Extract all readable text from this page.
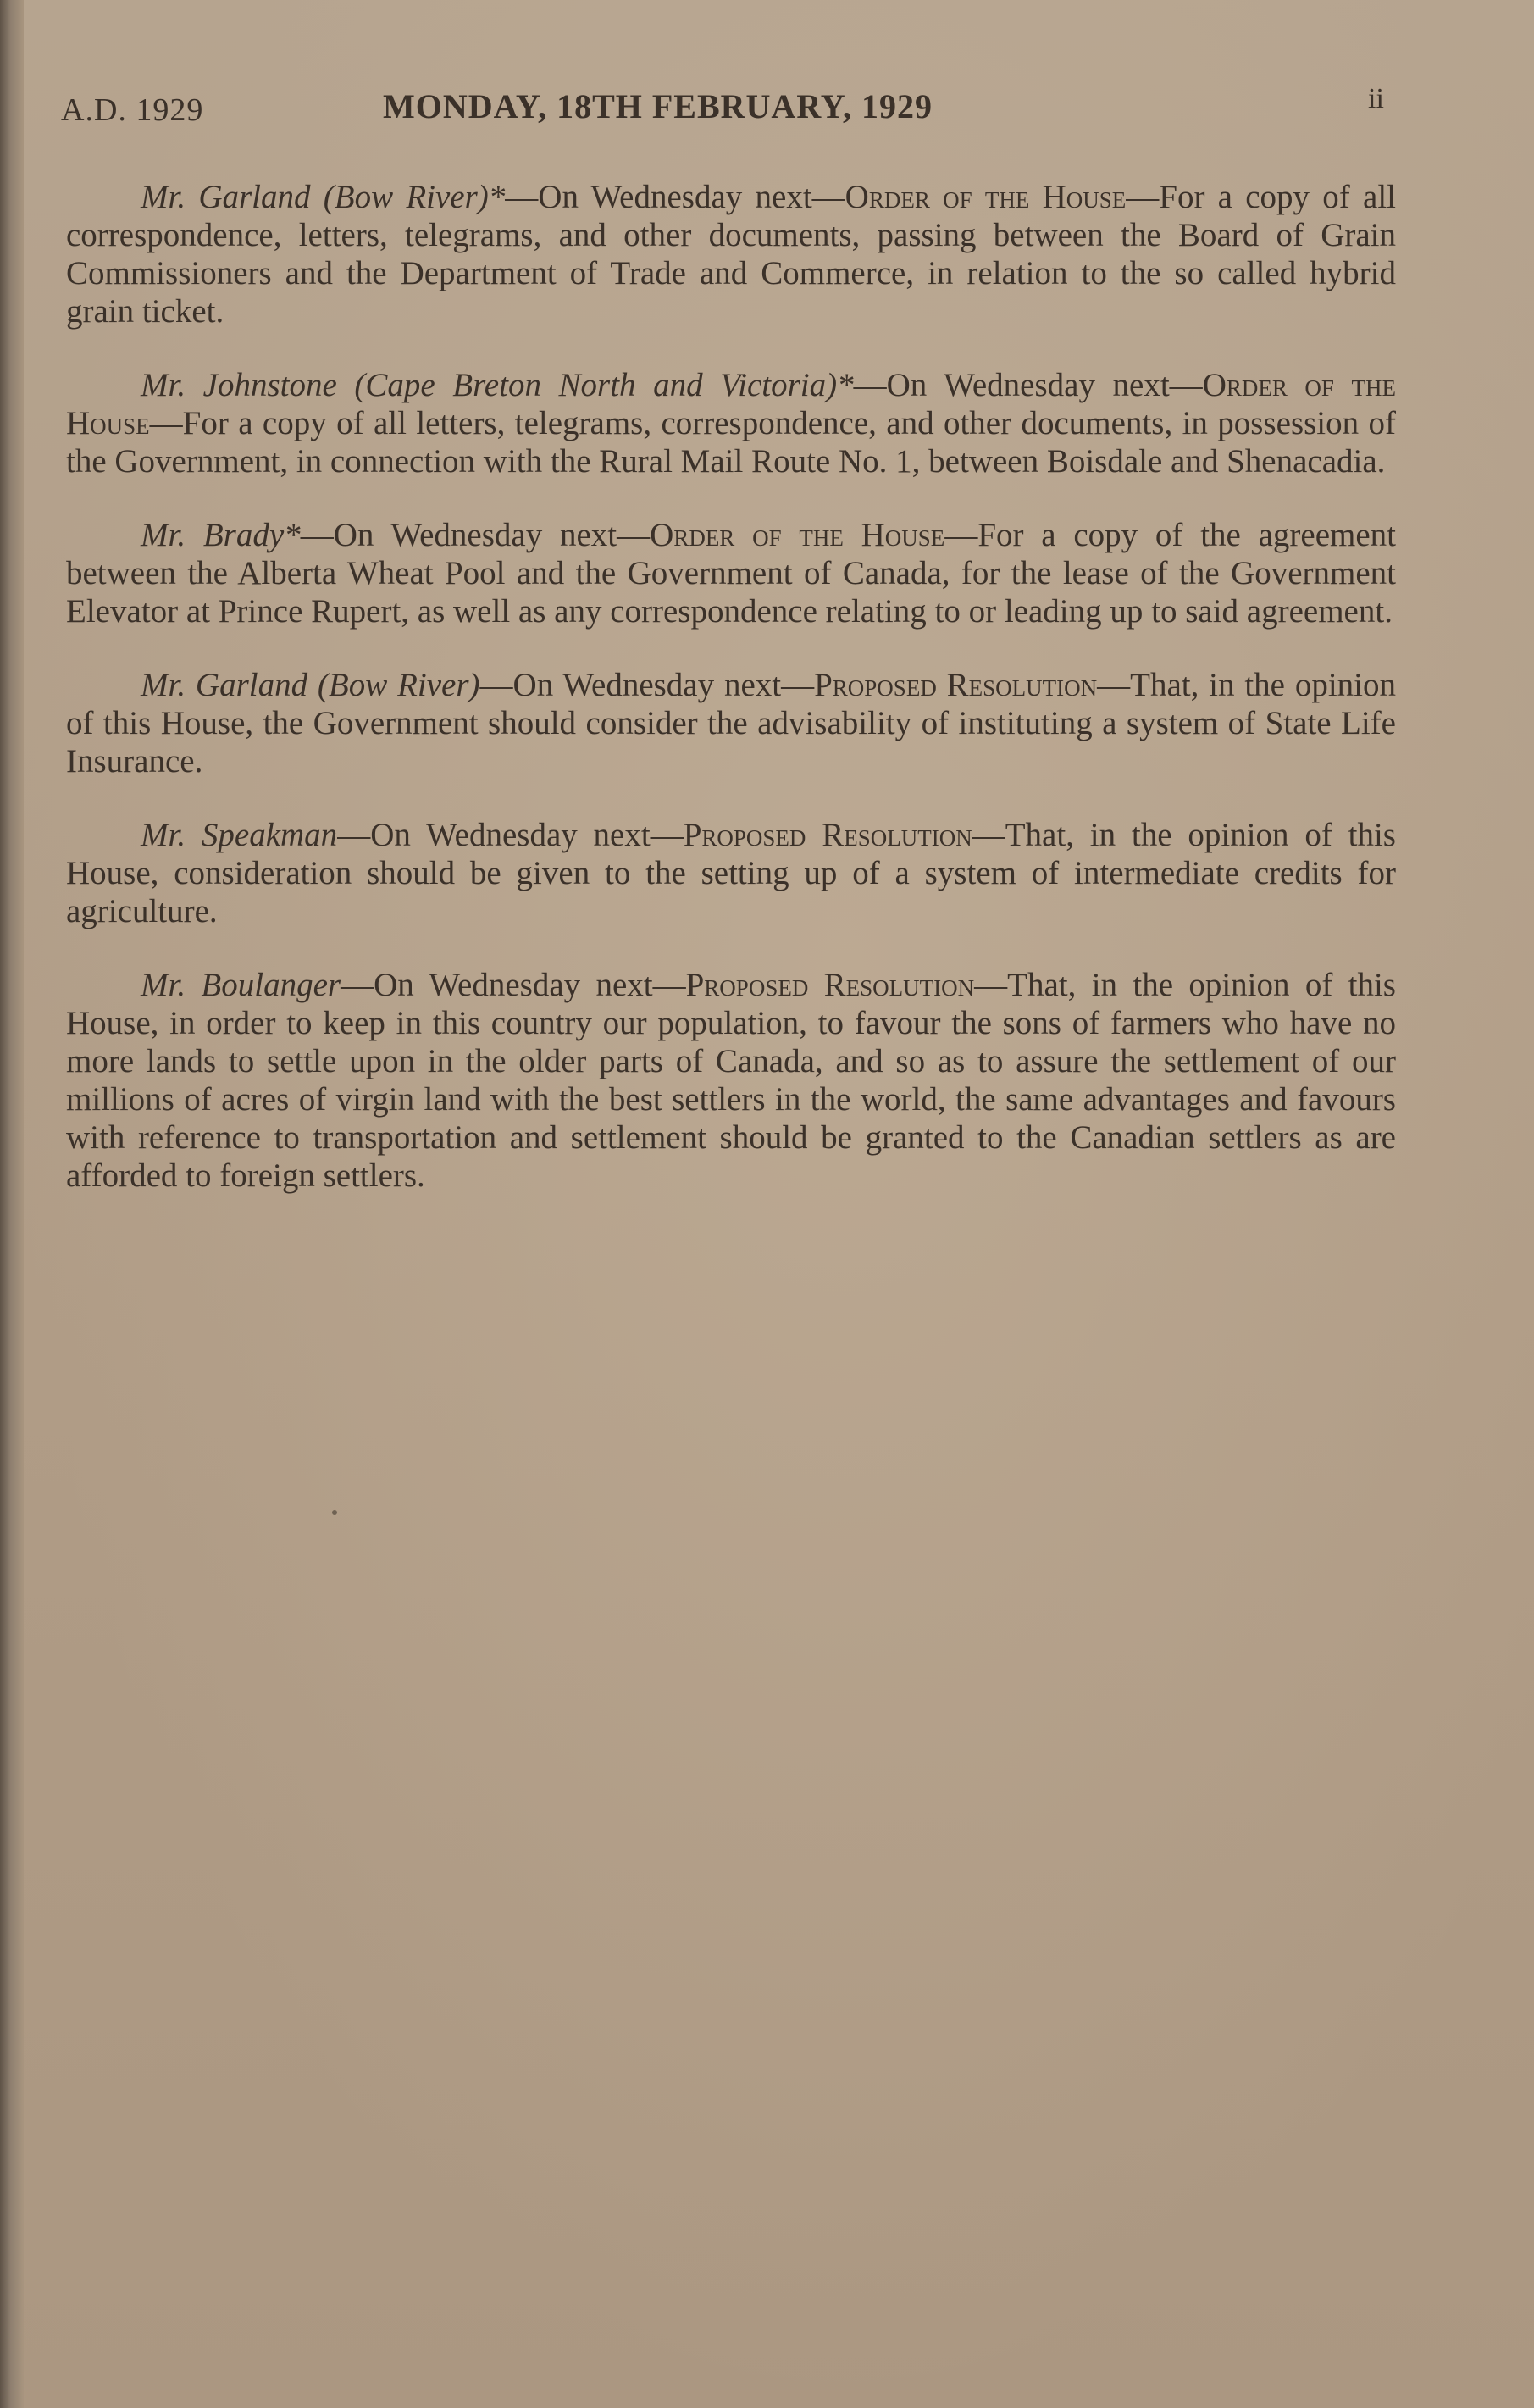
A.D. 1929	MONDAY, 18TH FEBRUARY, 1929	ii

Mr. Garland (Bow River)*—On Wednesday next—Order of the House—For a copy of all correspondence, letters, telegrams, and other documents, passing between the Board of Grain Commissioners and the Department of Trade and Commerce, in relation to the so called hybrid grain ticket.

Mr. Johnstone (Cape Breton North and Victoria)*—On Wednesday next—Order of the House—For a copy of all letters, telegrams, correspondence, and other documents, in possession of the Government, in connection with the Rural Mail Route No. 1, between Boisdale and Shenacadia.

Mr. Brady*—On Wednesday next—Order of the House—For a copy of the agreement between the Alberta Wheat Pool and the Government of Canada, for the lease of the Government Elevator at Prince Rupert, as well as any correspondence relating to or leading up to said agreement.

Mr. Garland (Bow River)—On Wednesday next—Proposed Resolution—That, in the opinion of this House, the Government should consider the advisability of instituting a system of State Life Insurance.

Mr. Speakman—On Wednesday next—Proposed Resolution—That, in the opinion of this House, consideration should be given to the setting up of a system of intermediate credits for agriculture.

Mr. Boulanger—On Wednesday next—Proposed Resolution—That, in the opinion of this House, in order to keep in this country our population, to favour the sons of farmers who have no more lands to settle upon in the older parts of Canada, and so as to assure the settlement of our millions of acres of virgin land with the best settlers in the world, the same advantages and favours with reference to transportation and settlement should be granted to the Canadian settlers as are afforded to foreign settlers.
